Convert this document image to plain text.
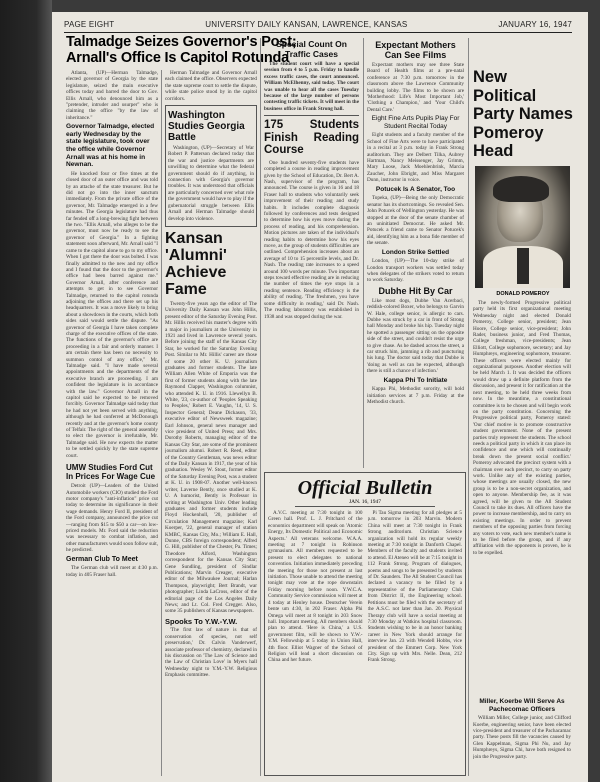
PAGE EIGHT	UNIVERSITY DAILY KANSAN, LAWRENCE, KANSAS	JANUARY 16, 1947
Talmadge Seizes Governor's Post; Arnall's Office Is Capitol Rotunda

Atlanta, (UP)—Herman Talmadge, elected governor of Georgia by the state legislature, seized the main executive offices today and barred the door to Gov. Ellis Arnall, who denounced him as a "pretender, intruder and usurper" who is claiming the office "by the law of inheritance."

Governor Talmadge, elected early Wednesday by the state legislature, took over the office while Governor Arnall was at his home in Newnan.

He knocked four or five times at the closed door of an outer office and was told by an attache of the state treasurer. But he did not go into the inner sanctum immediately. From the private office of the governor, Mr. Talmadge emerged in a few minutes. The Georgia legislature had thus far fended off a long-brewing fight between the two. "Ellis Arnall, who alleges to be the governor, must now be ready to see the governor of Georgia." In a fighting statement soon afterward, Mr. Arnall said "I came to the capitol alone to go to my office. When I got there the door was bolted. I was finally admitted to the new and my office and I found that the door to the governor's office had been barred against me." Governor Arnall, after conference and attempts to get in to see Governor Talmadge, returned to the capitol rotunda adjoining the offices and there set up his headquarters. It was a move likely to bring about a showdown in the courts, which both sides said would settle the dispute. "As governor of Georgia I have taken complete charge of the executive offices of the state. The functions of the governor's office are proceeding in a fair and orderly manner. I am certain there has been no necessity to summon contol of any office," Mr. Talmadge said. "I have made several appointments and the departments of the executive branch are proceeding. I am confident the legislature is in accordance with the law." Governor Arnall in the capitol said he expected to be removed forcibly. Governor Talmadge said today that he had not yet been served with anything, although he had conferred at McDonough recently and at the governor's home county of Telfair. The right of the general assembly to elect the governor is irrefutable, Mr. Talmadge said. He now expects the matter to be settled quickly by the state supreme court.

UMW Studies Ford Cut In Prices For Wage Cue

Detroit (UP)—Leaders of the United Automobile workers (CIO) studied the Ford motor company's "anti-inflation" price cut today to determine its significance in their wage demands. Henry Ford II, president of the Ford company, announced the price cut—ranging from $15 to $50 a car—on low-priced models. Mr. Ford said the reduction was necessary to combat inflation, and other manufacturers would soon follow suit, he predicted.

German Club To Meet

The German club will meet at 4:30 p.m. today in 405 Fraser hall.

Herman Talmadge and Governor Arnall each claimed the office. Observers expected the state supreme court to settle the dispute, while state police stood by in the capitol corridors.

Washington Studies Georgia Battle

Washington, (UP)—Secretary of War Robert P. Patterson declared today that the war and justice departments are unwilling to determine what the federal government should do if anything, in connection with Georgia's governor troubles. It was understood that officials are particularly concerned over what role the government would have to play if the gubernatorial struggle between Ellis Arnall and Herman Talmadge should develop into violence.

Kansan 'Alumni' Achieve Fame

Twenty-five years ago the editor of The University Daily Kansan was John Hillis, present editor of the Saturday Evening Post. Mr. Hillis received his master's degree with a major in journalism at the University in 1921 and lived in Lawrence several years. Before joining the staff of the Kansas City Star, he worked for the Saturday Evening Post. Similar to Mr. Hillis' career are those of some 20 other K. U. journalism graduates and former students. The late William Allen White of Emporia was the first of former students along with the late Raymond Clapper, Washington columnist, who attended K. U. in 1916. Llewellyn B. White, '23, co-author of 'Peoples Speaking to Peoples,' Robert E. Vaughn, '14, U. S. Inspector General; Deane Dickason, '33, executive editor of Newsweek magazine; Earl Johnson, general news manager and vice president of United Press; and Mrs. Dorothy Roberts, managing editor of the Kansas City Star, are some of the prominent journalism alumni. Robert R. Reed, editor of the Country Gentleman, was news editor of the Daily Kansan in 1917, the year of his graduation. Wesley W. Stout, former editor of the Saturday Evening Post, was a student at K. U. in 1908-07. Another well-known writer, Laverne Bently, once studied at K. U. A humorist, Bently is Professor in writing at Washington Univ. Other leading graduates and former students include Floyd Hockenhull, '20, publisher of Circulation Management magazine; Karl Koerper, '22, general manager of station KMBC, Kansas City, Mo.; William E. Hall, Dunne, CBS foreign correspondent; Alfred G. Hill, publisher of the Chester, Pa. Times; Theodore Alford, Washington correspondent for the Kansas City Star; Gene Sundling, president of Sindlar Publications; Marvin Creager, executive editor of the Milwaukee Journal; Harlan Thompson, playwright; Bert Brandt, war photographer; Linda LaCross, editor of the editorial page of the Los Angeles Daily News; and Lt. Col. Fred Cregger. Also, some 35 publishers of Kansas newspapers.

Spooks To Y.W.-Y.W.

'The first law of nature is that of conservation of species, not self preservation,' Dr. Calvin Vanderwerf, associate professor of chemistry, declared in his discussion on 'The Law of Science and the Law of Christian Love' in Myers hall Wednesday night to Y.M.-Y.W. Religious Emphasis committee.

Special Count On Traffic Cases

The student court will have a special session from 4 to 5 p.m. Friday to handle excess traffic cases, the court announced. William McElhenny, said today. The court was unable to hear all the cases Tuesday because of the large number of persons contesting traffic tickets. It will meet in the business office in Frank Strong hall.

175 Students Finish Reading Course

One hundred seventy-five students have completed a course in reading improvement given by the School of Education, Dr. Bert A. Nash, supervisor of the program, has announced. The course is given in 16 and 18 Fraser hall to students who voluntarily seek improvement of their reading and study habits. It includes complete diagnosis followed by conferences and tests designed to determine how his eyes move during the process of reading, and his comprehension. Motion pictures are taken of the individual's reading habits to determine how his eyes move, as the group of students difficulties are outlined. Comprehension increases about an average of 10 to 15 percentile levels, and Dr. Nash. The reading rate increases to a speed around 100 words per minute. Two important steps toward effective reading are in reducing the number of times the eye stops in a reading sentence. Reading efficiency is the ability of reading. 'The freshmen, you have some difficulty in reading,' said Dr. Nash. The reading laboratory was established in 1938 and was stopped during the war.

Expectant Mothers Can See Films

Expectant mothers may see three State Board of Health films at a pre-natal conference at 7:30 p.m. tomorrow in the classroom above the Lawrence Community building lobby. The films to be shown are 'Motherhood: Life's Most Important Job,' 'Clothing a Champion,' and 'Your Child's Dental Care.'

Eight Fine Arts Pupils Play For Student Recital Today

Eight students and a faculty member of the School of Fine Arts were to have participated in a recital at 3 p.m. today in Frank Strong auditorium. They are Delbert Tilka, Aubrey Hartman, Nancy Meissenger, Jay Grimm, Mary Loose, Jack Moehlenbrink, Marcia Zaucher, John Ebright, and Miss Margaret Dunn, instructor in voice.

Potucek Is A Senator, Too

Topeka, (UP)—Being the only Democratic senator has its shortcomings. So revealed Sen. John Potucek of Wellington yesterday. He was stopped at the door of the senate chamber of an uninitiated Democrat. He asked Mr. Potucek a friend came to Senator Potucek's aid, identifying him as a bona fide member of the senate.

London Strike Settled

London, (UP)—The 10-day strike of London transport workers was settled today when delegates of the strikers voted to return to work Saturday.

Dubhe Hit By Car

Like most dogs, Dubhe Van Acerbaci, reddish-colored Boxer, who belongs to Garvin W. Hale, college senior, is allergic to cars. Dubhe was struck by a car in front of Strong hall Monday and broke his hip. Tuesday night he spotted a passenger sitting on the opposite side of the street, and couldn't resist the urge to give chase. As he dashed across the street, a car struck him, jamming a rib and puncturing his lung. The doctor said today that Dubhe is 'doing as well as can be expected, although there is still a chance of infection.'

Kappa Phi To Initiate

Kappa Phi, Methodist sorority, will hold initiation services at 7 p.m. Friday at the Methodist church.

Official Bulletin
JAN. 16, 1947

A.V.C. meeting at 7:30 tonight in 100 Green hall. Prof. L. J. Pritchard of the economics department will speak on 'Atomic Energy, Its Domestic Political and Economic Aspects.' All veterans welcome. W.A.A. meeting at 7 tonight in Robinson gymnasium. All members requested to be present to elect delegates to national convention. Initiation immediately preceding the meeting for those not present at last initiation. Those unable to attend the meeting tonight may vote at the rope downstairs Friday morning before noon. Y.W.C.A. Community Service commission will meet at 4 today at Henley house. Deutscher Verein bente um 4:30, in 202 Fraser. Alpha Phi Omega will meet at 8 tonight in 203 Snow hall. Important meeting. All members should plan to attend. 'Here is China,' a U.S. government film, will be shown to Y.W.-Y.M. Fellowship at 5 today in Union Hall, 4th floor. Elliot Wagner of the School of Religion will lead a short discussion on China and her future.

Pi Tau Sigma meeting for all pledges at 5 p.m. tomorrow in 203 Marvin. Modern China will meet at 7:30 tonight in Frank Strong auditorium. Christian Science organization will hold its regular weekly meeting at 7:30 tonight in Danforth Chapel. Members of the faculty and students invited to attend. El Ateneo will be at 7:15 tonight in 112 Frank Strong. Program of dialogues, poems and songs to be presented by students of Dr. Saunders. The All Student Council has declared a vacancy to be filled by a representative of the Parliamentary Club from District II, the Engineering school. Petitions must be filed with the secretary of the A.S.C. not later than Jan. 20. Physical Therapy club will have a social meeting at 7:30 Monday at Watkins hospital classroom. Students wishing to be in an honor banking career in New York should arrange for interview Jan. 23 with Wendell Hobbs, vice president of the Emmert Corp. New York City. Sign up with Mrs. Nelle. Dean, 212 Frank Strong.

New Political Party Names Pomeroy Head
DONALD POMEROY

The newly-formed Progressive political party held its first organizational meeting Wednesday night and elected Donald Pomeroy, College senior, president; Jean Hoore, College senior, vice-president; John Rader, business junior, and Fred Thomas, College freshman, vice-presidents; Jean Elliott, College sophomore, secretary; and Jay Humphreys, engineering sophomore, treasurer. These officers were elected mainly for organizational purposes. Another election will be held March 1. It was decided the officers would draw up a definite platform from the discussion, and present it for ratification at the next meeting, to be held three weeks from now. In the meantime, a constitutional committee is to be chosen and will begin work on the party constitution. Concerning the Progressive political party, Pomeroy stated: 'Our chief motive is to promote constructive student government. None of the present parties truly represent the students. The school needs a political party in which it can place its confidence and one which will continually break down the present social conflict.' Pomeroy advocated the precinct system with a chairman over each precinct, to carry on party work. Unlike any of the existing parties, whose meetings are usually closed, the new group is to be a non-secret organization, and open to anyone. Membership fee, as it was agreed, will be given to the All Student Council to take its dues. All officers have the power to increase membership, and to carry on existing meetings. In order to prevent members of the opposing parties from forcing any voters to vote, each new member's name is to be filed before the group, and if any affiliation with the opponents is proven, he is to be expelled.

Miller, Koerbe Will Serve As Pachecomac Officers

William Miller, College junior, and Clifford Koerbe, engineering senior, have been elected vice-president and treasurer of the Pachacamac party. These posts fill the vacancies caused by Glen Kappelman, Sigma Phi Nu, and Jay Humphreys, Sigma Chi, have both resigned to join the Progressive party.
